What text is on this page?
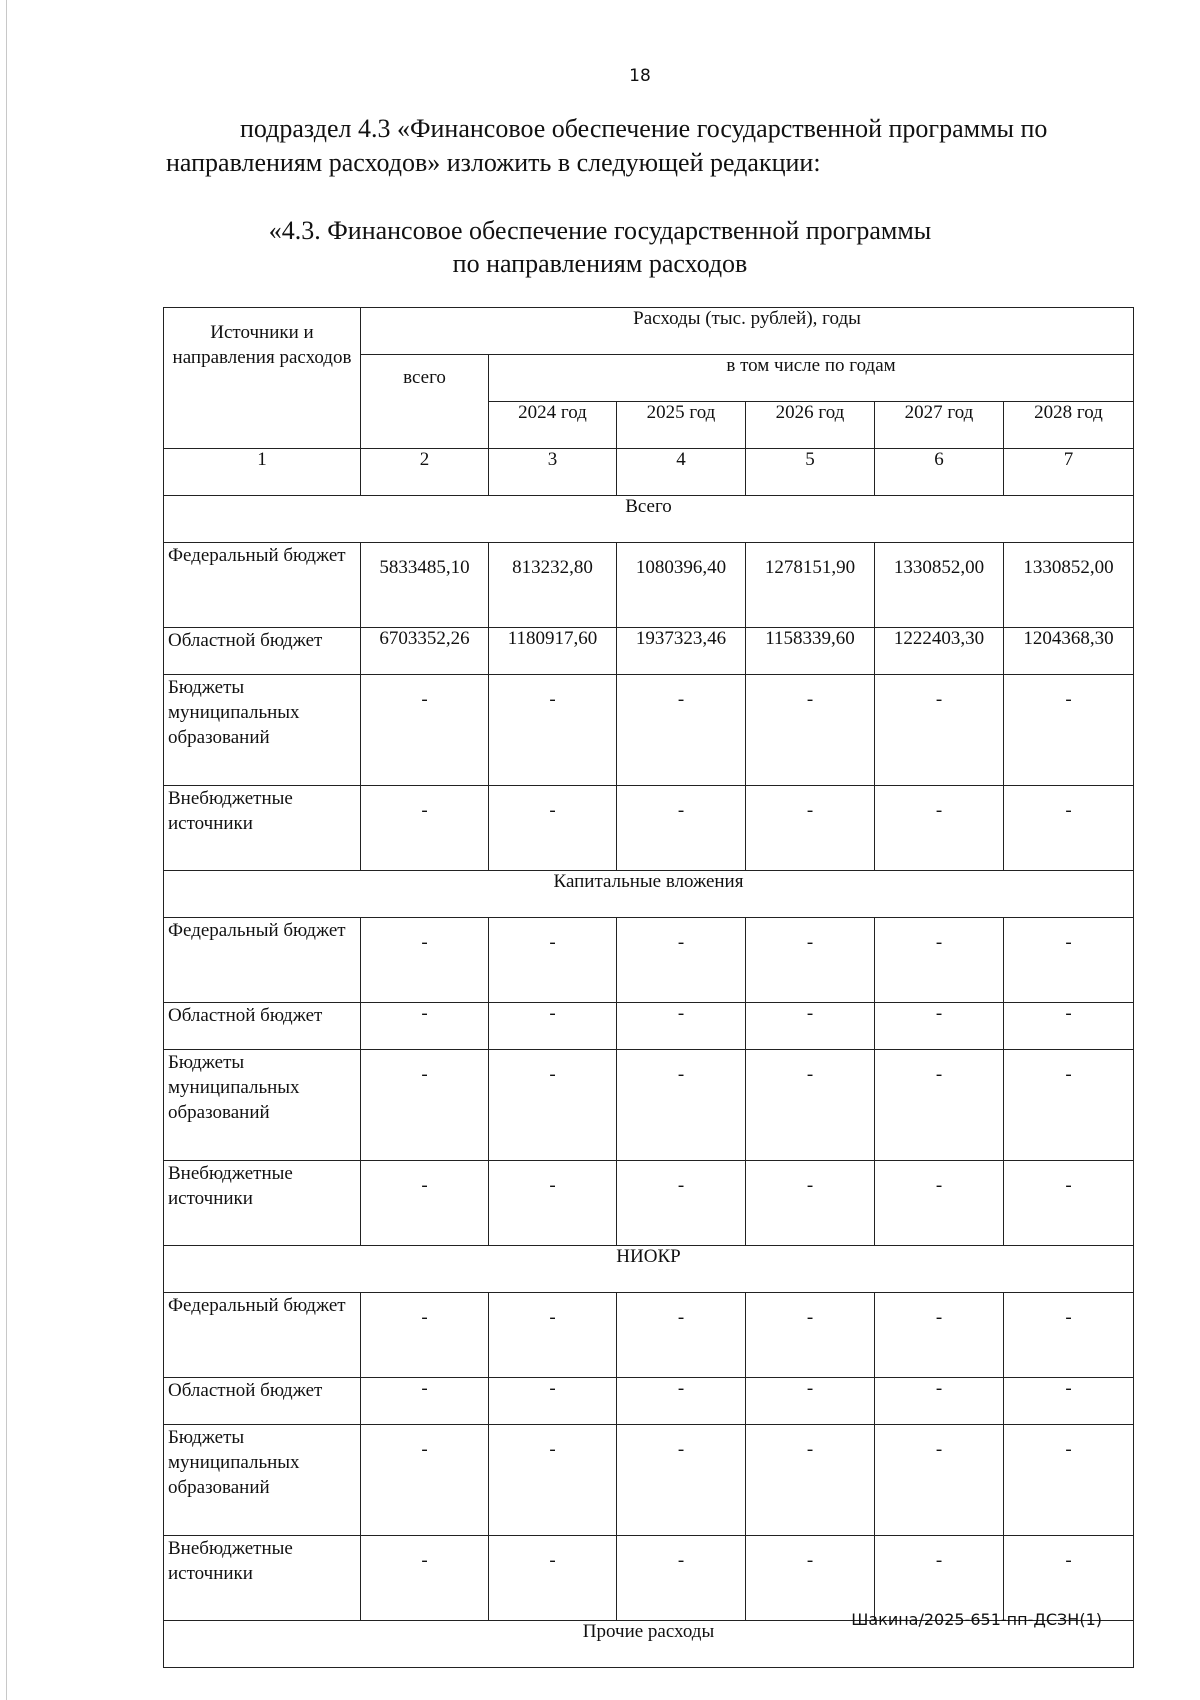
18
подраздел 4.3 «Финансовое обеспечение государственной программы по
направлениям расходов» изложить в следующей редакции:
«4.3. Финансовое обеспечение государственной программы
по направлениям расходов
Источники и направления расходов	Расходы (тыс. рублей), годы					
	всего	в том числе по годам				
		2024 год	2025 год	2026 год	2027 год	2028 год
1	2	3	4	5	6	7
Всего						
Федеральный бюджет	5833485,10	813232,80	1080396,40	1278151,90	1330852,00	1330852,00
Областной бюджет	6703352,26	1180917,60	1937323,46	1158339,60	1222403,30	1204368,30
Бюджеты муниципальных образований	-	-	-	-	-	-
Внебюджетные источники	-	-	-	-	-	-
Капитальные вложения						
Федеральный бюджет	-	-	-	-	-	-
Областной бюджет	-	-	-	-	-	-
Бюджеты муниципальных образований	-	-	-	-	-	-
Внебюджетные источники	-	-	-	-	-	-
НИОКР						
Федеральный бюджет	-	-	-	-	-	-
Областной бюджет	-	-	-	-	-	-
Бюджеты муниципальных образований	-	-	-	-	-	-
Внебюджетные источники	-	-	-	-	-	-
Прочие расходы						
Шакина/2025-651-пп-ДСЗН(1)
